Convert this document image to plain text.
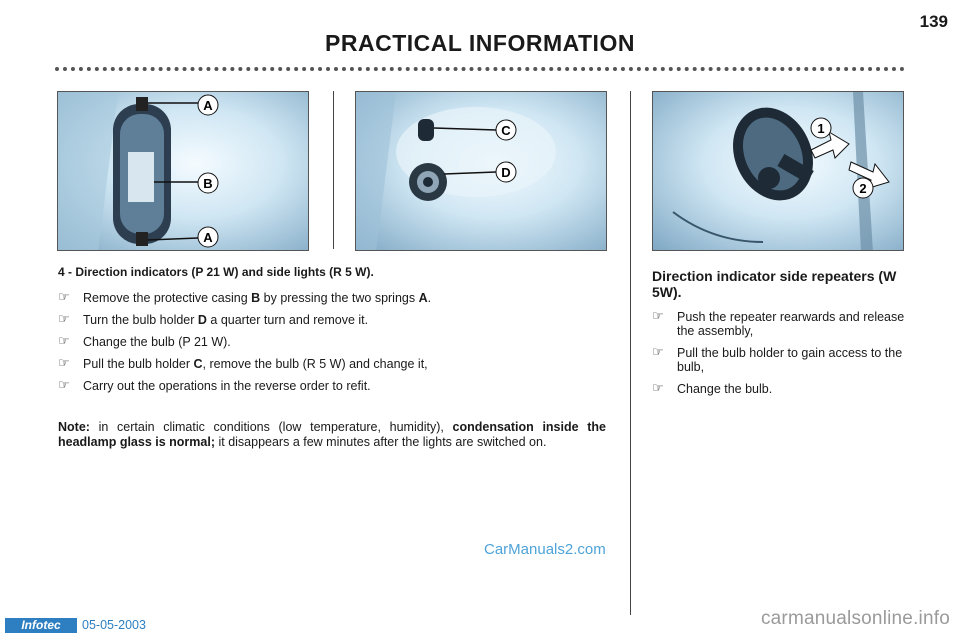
139
PRACTICAL INFORMATION
A
B
A
C
D
1
2
4 - Direction indicators (P 21 W) and side lights (R 5 W).
☞ Remove the protective casing B by pressing the two springs A.
☞ Turn the bulb holder D a quarter turn and remove it.
☞ Change the bulb (P 21 W).
☞ Pull the bulb holder C, remove the bulb (R 5 W) and change it,
☞ Carry out the operations in the reverse order to refit.

Note: in certain climatic conditions (low temperature, humidity), condensation inside the headlamp glass is normal; it disappears a few minutes after the lights are switched on.

CarManuals2.com
Direction indicator side repeaters (W 5W).
☞ Push the repeater rearwards and release the assembly,
☞ Pull the bulb holder to gain access to the bulb,
☞ Change the bulb.
Infotec	05-05-2003	carmanualsonline.info
